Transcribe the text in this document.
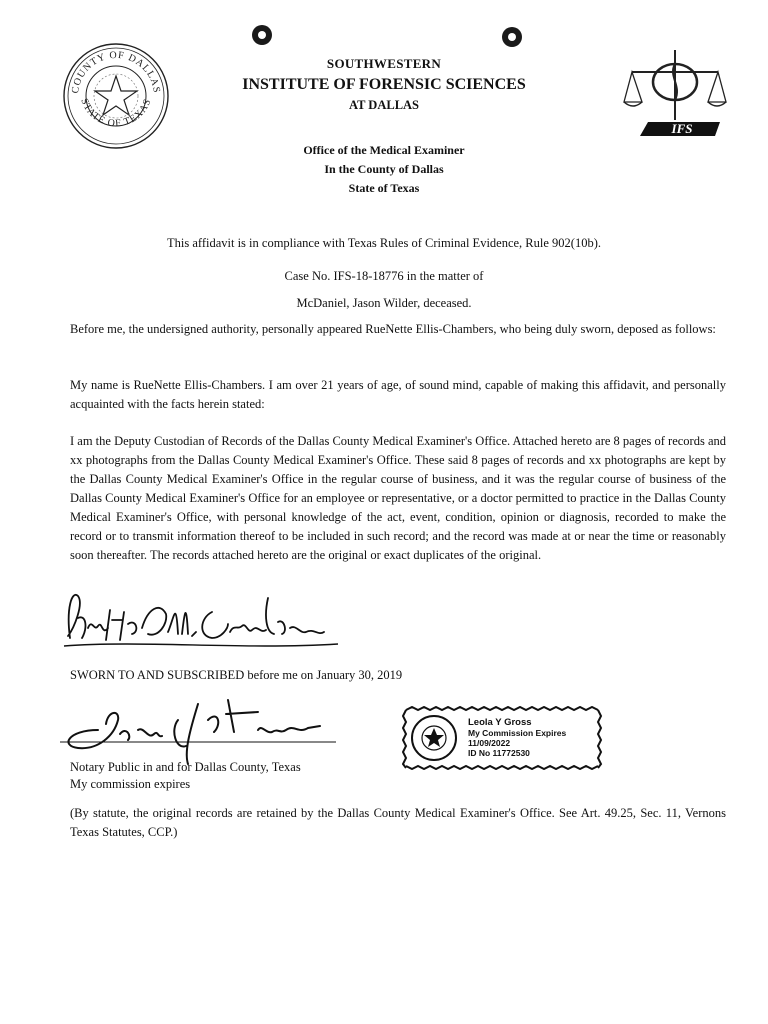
COUNTY OF DALLAS
STATE OF TEXAS
SOUTHWESTERN
INSTITUTE OF FORENSIC SCIENCES
AT DALLAS
IFS
Office of the Medical Examiner
In the County of Dallas
State of Texas
This affidavit is in compliance with Texas Rules of Criminal Evidence, Rule 902(10b).
Case No. IFS-18-18776 in the matter of
McDaniel, Jason Wilder, deceased.
Before me, the undersigned authority, personally appeared RueNette Ellis-Chambers, who being duly sworn, deposed as follows:
My name is RueNette Ellis-Chambers. I am over 21 years of age, of sound mind, capable of making this affidavit, and personally acquainted with the facts herein stated:
I am the Deputy Custodian of Records of the Dallas County Medical Examiner's Office. Attached hereto are 8 pages of records and xx photographs from the Dallas County Medical Examiner's Office. These said 8 pages of records and xx photographs are kept by the Dallas County Medical Examiner's Office in the regular course of business, and it was the regular course of business of the Dallas County Medical Examiner's Office for an employee or representative, or a doctor permitted to practice in the Dallas County Medical Examiner's Office, with personal knowledge of the act, event, condition, opinion or diagnosis, recorded to make the record or to transmit information thereof to be included in such record; and the record was made at or near the time or reasonably soon thereafter. The records attached hereto are the original or exact duplicates of the original.
SWORN TO AND SUBSCRIBED before me on January 30, 2019
Notary Public in and for Dallas County, Texas
My commission expires
Leola Y Gross
My Commission Expires
11/09/2022
ID No 11772530
(By statute, the original records are retained by the Dallas County Medical Examiner's Office. See Art. 49.25, Sec. 11, Vernons Texas Statutes, CCP.)
